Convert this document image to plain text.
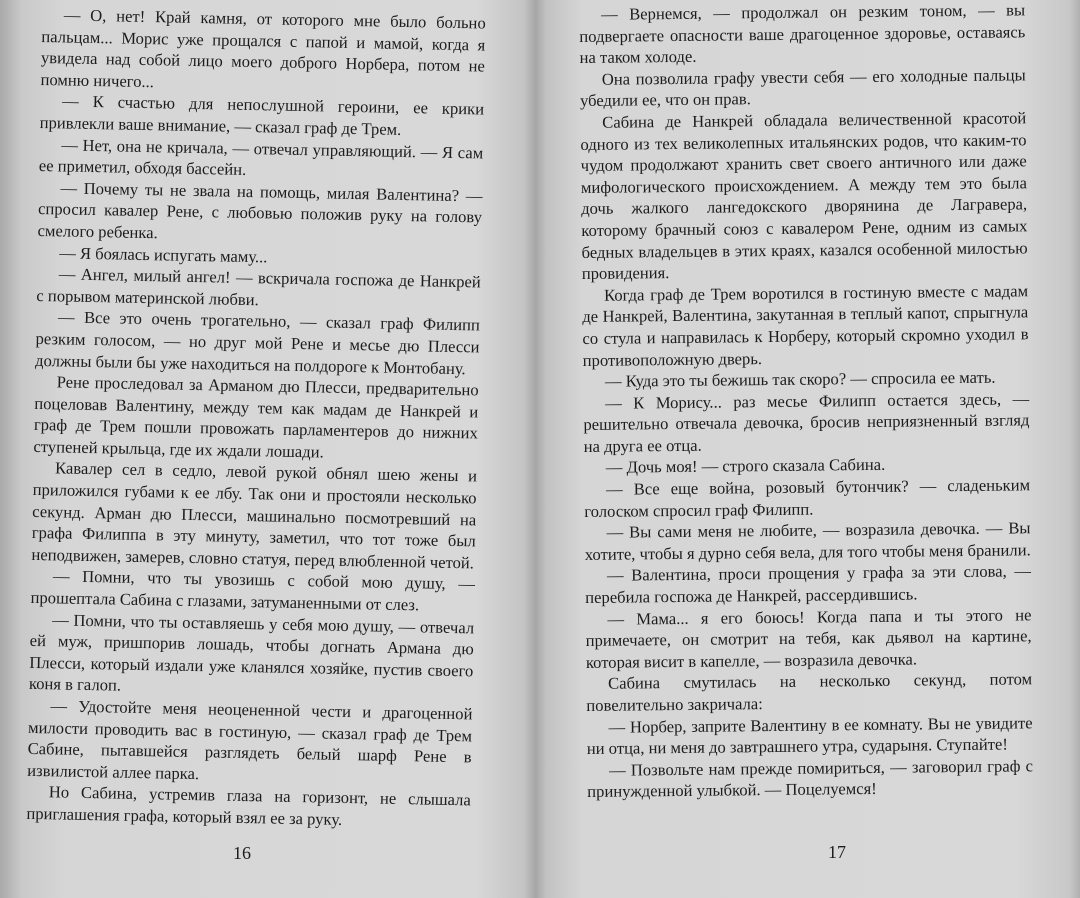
— О, нет! Край камня, от которого мне было больно пальцам... Морис уже прощался с папой и мамой, когда я увидела над собой лицо моего доброго Норбера, потом не помню ничего...

— К счастью для непослушной героини, ее крики привлекли ваше внимание, — сказал граф де Трем.

— Нет, она не кричала, — отвечал управляющий. — Я сам ее приметил, обходя бассейн.

— Почему ты не звала на помощь, милая Валентина? — спросил кавалер Рене, с любовью положив руку на голову смелого ребенка.

— Я боялась испугать маму...

— Ангел, милый ангел! — вскричала госпожа де Нанкрей с порывом материнской любви.

— Все это очень трогательно, — сказал граф Филипп резким голосом, — но друг мой Рене и месье дю Плесси должны были бы уже находиться на полдороге к Монтобану.

Рене проследовал за Арманом дю Плесси, предварительно поцеловав Валентину, между тем как мадам де Нанкрей и граф де Трем пошли провожать парламентеров до нижних ступеней крыльца, где их ждали лошади.

Кавалер сел в седло, левой рукой обнял шею жены и приложился губами к ее лбу. Так они и простояли несколько секунд. Арман дю Плесси, машинально посмотревший на графа Филиппа в эту минуту, заметил, что тот тоже был неподвижен, замерев, словно статуя, перед влюбленной четой.

— Помни, что ты увозишь с собой мою душу, — прошептала Сабина с глазами, затуманенными от слез.

— Помни, что ты оставляешь у себя мою душу, — отвечал ей муж, пришпорив лошадь, чтобы догнать Армана дю Плесси, который издали уже кланялся хозяйке, пустив своего коня в галоп.

— Удостойте меня неоцененной чести и драгоценной милости проводить вас в гостиную, — сказал граф де Трем Сабине, пытавшейся разглядеть белый шарф Рене в извилистой аллее парка.

Но Сабина, устремив глаза на горизонт, не слышала приглашения графа, который взял ее за руку.

16

— Вернемся, — продолжал он резким тоном, — вы подвергаете опасности ваше драгоценное здоровье, оставаясь на таком холоде.

Она позволила графу увести себя — его холодные пальцы убедили ее, что он прав.

Сабина де Нанкрей обладала величественной красотой одного из тех великолепных итальянских родов, что каким-то чудом продолжают хранить свет своего античного или даже мифологического происхождением. А между тем это была дочь жалкого лангедокского дворянина де Лагравера, которому брачный союз с кавалером Рене, одним из самых бедных владельцев в этих краях, казался особенной милостью провидения.

Когда граф де Трем воротился в гостиную вместе с мадам де Нанкрей, Валентина, закутанная в теплый капот, спрыгнула со стула и направилась к Норберу, который скромно уходил в противоположную дверь.

— Куда это ты бежишь так скоро? — спросила ее мать.

— К Морису... раз месье Филипп остается здесь, — решительно отвечала девочка, бросив неприязненный взгляд на друга ее отца.

— Дочь моя! — строго сказала Сабина.

— Все еще война, розовый бутончик? — сладеньким голоском спросил граф Филипп.

— Вы сами меня не любите, — возразила девочка. — Вы хотите, чтобы я дурно себя вела, для того чтобы меня бранили.

— Валентина, проси прощения у графа за эти слова, — перебила госпожа де Нанкрей, рассердившись.

— Мама... я его боюсь! Когда папа и ты этого не примечаете, он смотрит на тебя, как дьявол на картине, которая висит в капелле, — возразила девочка.

Сабина смутилась на несколько секунд, потом повелительно закричала:

— Норбер, заприте Валентину в ее комнату. Вы не увидите ни отца, ни меня до завтрашнего утра, сударыня. Ступайте!

— Позвольте нам прежде помириться, — заговорил граф с принужденной улыбкой. — Поцелуемся!

17
